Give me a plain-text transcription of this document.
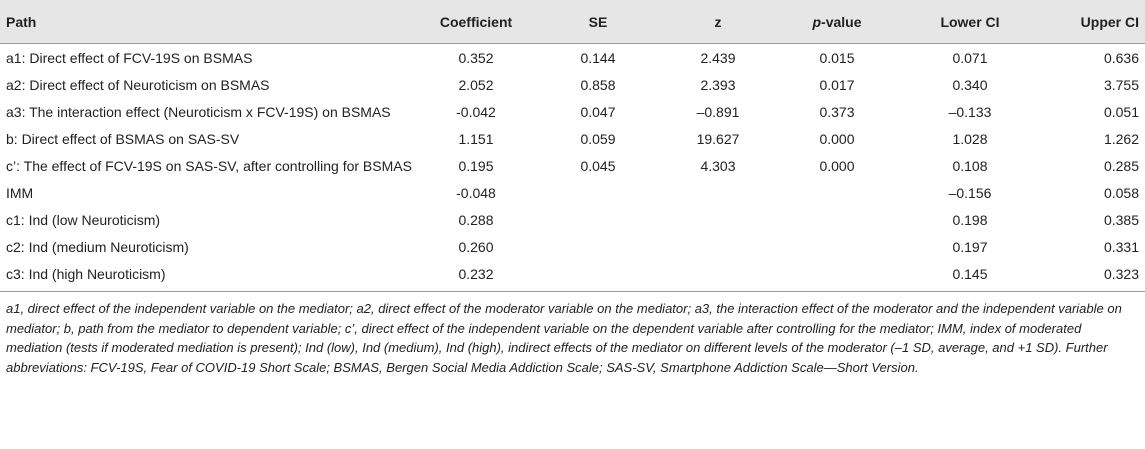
Path	Coefficient	SE	z	p-value	Lower CI	Upper CI
a1: Direct effect of FCV-19S on BSMAS	0.352	0.144	2.439	0.015	0.071	0.636
a2: Direct effect of Neuroticism on BSMAS	2.052	0.858	2.393	0.017	0.340	3.755
a3: The interaction effect (Neuroticism x FCV-19S) on BSMAS	-0.042	0.047	–0.891	0.373	–0.133	0.051
b: Direct effect of BSMAS on SAS-SV	1.151	0.059	19.627	0.000	1.028	1.262
c’: The effect of FCV-19S on SAS-SV, after controlling for BSMAS	0.195	0.045	4.303	0.000	0.108	0.285
IMM	-0.048				–0.156	0.058
c1: Ind (low Neuroticism)	0.288				0.198	0.385
c2: Ind (medium Neuroticism)	0.260				0.197	0.331
c3: Ind (high Neuroticism)	0.232				0.145	0.323
a1, direct effect of the independent variable on the mediator; a2, direct effect of the moderator variable on the mediator; a3, the interaction effect of the moderator and the independent variable on mediator; b, path from the mediator to dependent variable; c’, direct effect of the independent variable on the dependent variable after controlling for the mediator; IMM, index of moderated mediation (tests if moderated mediation is present); Ind (low), Ind (medium), Ind (high), indirect effects of the mediator on different levels of the moderator (–1 SD, average, and +1 SD). Further abbreviations: FCV-19S, Fear of COVID-19 Short Scale; BSMAS, Bergen Social Media Addiction Scale; SAS-SV, Smartphone Addiction Scale—Short Version.
